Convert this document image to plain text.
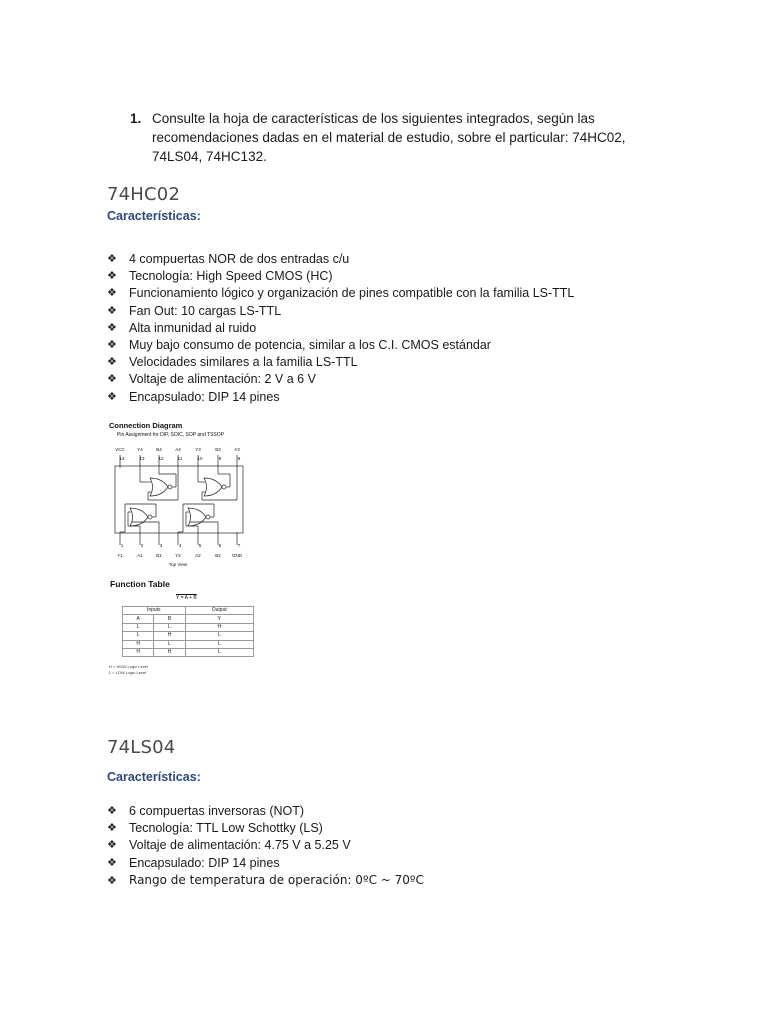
1. Consulte la hoja de características de los siguientes integrados, según las
recomendaciones dadas en el material de estudio, sobre el particular: 74HC02,
74LS04, 74HC132.
74HC02
Características:
❖ 4 compuertas NOR de dos entradas c/u
❖ Tecnología: High Speed CMOS (HC)
❖ Funcionamiento lógico y organización de pines compatible con la familia LS-TTL
❖ Fan Out: 10 cargas LS-TTL
❖ Alta inmunidad al ruido
❖ Muy bajo consumo de potencia, similar a los C.I. CMOS estándar
❖ Velocidades similares a la familia LS-TTL
❖ Voltaje de alimentación: 2 V a 6 V
❖ Encapsulado: DIP 14 pines
Connection Diagram
Pin Assignment for DIP, SOIC, SOP and TSSOP
VCC	Y4	B4	A4	Y3	B3	A3
14	13	12	11	10	9	8
1	2	3	4	5	6	7
Y1	A1	B1	Y2	A2	B2 GND
Top View
Function Table
Y = A + B
Inputs		Output
A	B	Y
L	L	H
L	H	L
H	L	L
H	H	L
H = HIGH Logic Level
L = LOW Logic Level
74LS04
Características:
❖ 6 compuertas inversoras (NOT)
❖ Tecnología: TTL Low Schottky (LS)
❖ Voltaje de alimentación: 4.75 V a 5.25 V
❖ Encapsulado: DIP 14 pines
❖ Rango de temperatura de operación: 0ºC ~ 70ºC
